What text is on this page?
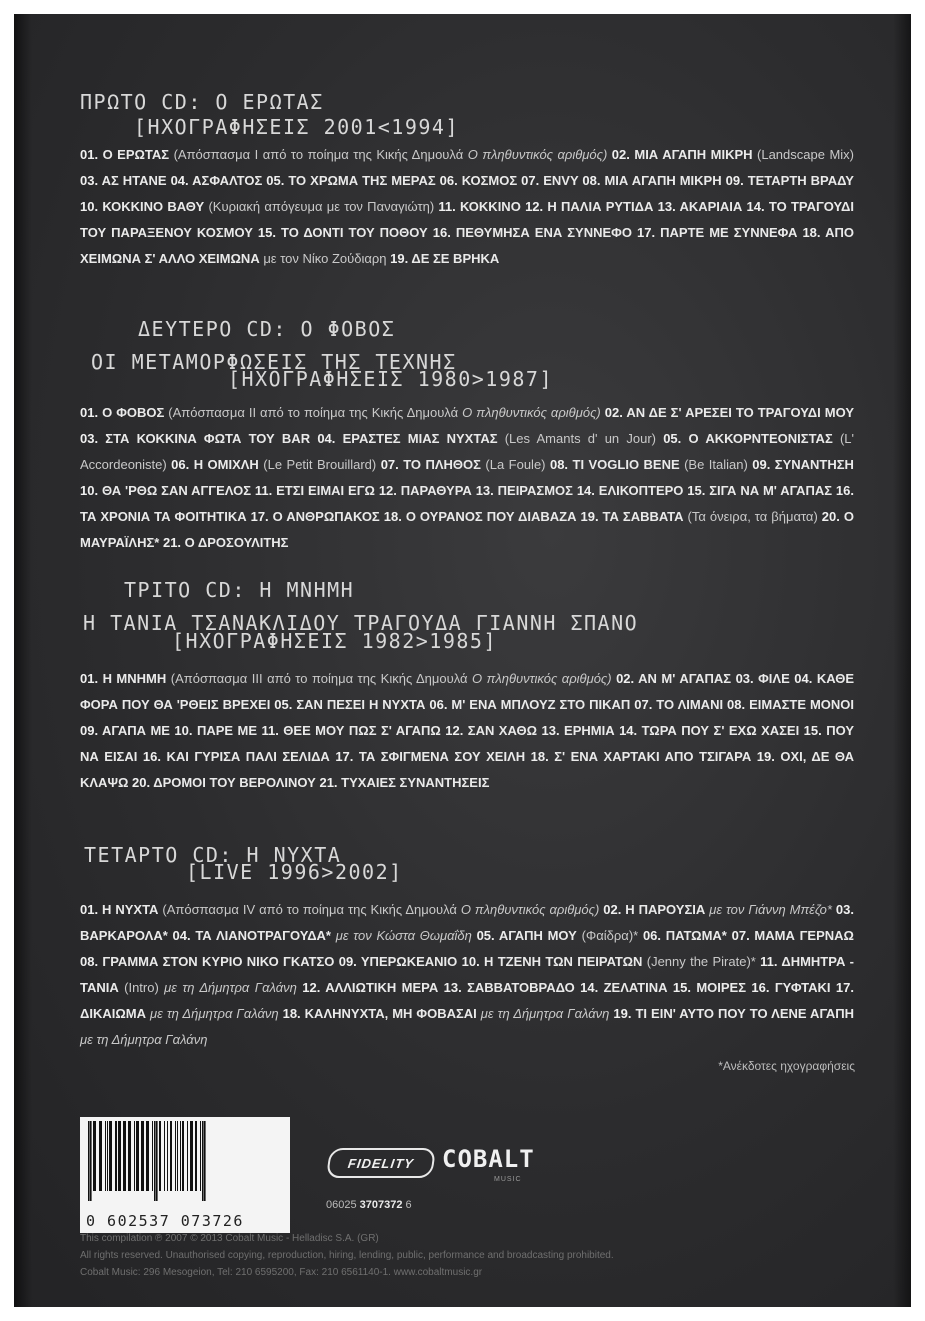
ΠΡΩΤΟ CD: Ο ΕΡΩΤΑΣ
[ΗΧΟΓΡΑΦΗΣΕΙΣ 2001<1994]
01. Ο ΕΡΩΤΑΣ (Απόσπασμα I από το ποίημα της Κικής Δημουλά Ο πληθυντικός αριθμός) 02. ΜΙΑ ΑΓΑΠΗ ΜΙΚΡΗ (Landscape Mix) 03. ΑΣ ΗΤΑΝΕ 04. ΑΣΦΑΛΤΟΣ 05. ΤΟ ΧΡΩΜΑ ΤΗΣ ΜΕΡΑΣ 06. ΚΟΣΜΟΣ 07. ENVY 08. ΜΙΑ ΑΓΑΠΗ ΜΙΚΡΗ 09. ΤΕΤΑΡΤΗ ΒΡΑΔΥ 10. ΚΟΚΚΙΝΟ ΒΑΘΥ (Κυριακή απόγευμα με τον Παναγιώτη) 11. ΚΟΚΚΙΝΟ 12. Η ΠΑΛΙΑ ΡΥΤΙΔΑ 13. ΑΚΑΡΙΑΙΑ 14. ΤΟ ΤΡΑΓΟΥΔΙ ΤΟΥ ΠΑΡΑΞΕΝΟΥ ΚΟΣΜΟΥ 15. ΤΟ ΔΟΝΤΙ ΤΟΥ ΠΟΘΟΥ 16. ΠΕΘΥΜΗΣΑ ΕΝΑ ΣΥΝΝΕΦΟ 17. ΠΑΡΤΕ ΜΕ ΣΥΝΝΕΦΑ 18. ΑΠΟ ΧΕΙΜΩΝΑ Σ' ΑΛΛΟ ΧΕΙΜΩΝΑ με τον Νίκο Ζούδιαρη 19. ΔΕ ΣΕ ΒΡΗΚΑ
ΔΕΥΤΕΡΟ CD: Ο ΦΟΒΟΣ
ΟΙ ΜΕΤΑΜΟΡΦΩΣΕΙΣ ΤΗΣ ΤΕΧΝΗΣ
[ΗΧΟΓΡΑΦΗΣΕΙΣ 1980>1987]
01. Ο ΦΟΒΟΣ (Απόσπασμα II από το ποίημα της Κικής Δημουλά Ο πληθυντικός αριθμός) 02. ΑΝ ΔΕ Σ' ΑΡΕΣΕΙ ΤΟ ΤΡΑΓΟΥΔΙ ΜΟΥ 03. ΣΤΑ ΚΟΚΚΙΝΑ ΦΩΤΑ ΤΟΥ BAR 04. ΕΡΑΣΤΕΣ ΜΙΑΣ ΝΥΧΤΑΣ (Les Amants d' un Jour) 05. Ο ΑΚΚΟΡΝΤΕΟΝΙΣΤΑΣ (L' Accordeoniste) 06. Η ΟΜΙΧΛΗ (Le Petit Brouillard) 07. ΤΟ ΠΛΗΘΟΣ (La Foule) 08. ΤΙ VOGLIO BENE (Be Italian) 09. ΣΥΝΑΝΤΗΣΗ 10. ΘΑ 'ΡΘΩ ΣΑΝ ΑΓΓΕΛΟΣ 11. ΕΤΣΙ ΕΙΜΑΙ ΕΓΩ 12. ΠΑΡΑΘΥΡΑ 13. ΠΕΙΡΑΣΜΟΣ 14. ΕΛΙΚΟΠΤΕΡΟ 15. ΣΙΓΑ ΝΑ Μ' ΑΓΑΠΑΣ 16. ΤΑ ΧΡΟΝΙΑ ΤΑ ΦΟΙΤΗΤΙΚΑ 17. Ο ΑΝΘΡΩΠΑΚΟΣ 18. Ο ΟΥΡΑΝΟΣ ΠΟΥ ΔΙΑΒΑΖΑ 19. ΤΑ ΣΑΒΒΑΤΑ (Τα όνειρα, τα βήματα) 20. Ο ΜΑΥΡΑΪΛΗΣ* 21. Ο ΔΡΟΣΟΥΛΙΤΗΣ
ΤΡΙΤΟ CD: Η ΜΝΗΜΗ
Η ΤΑΝΙΑ ΤΣΑΝΑΚΛΙΔΟΥ ΤΡΑΓΟΥΔΑ ΓΙΑΝΝΗ ΣΠΑΝΟ
[ΗΧΟΓΡΑΦΗΣΕΙΣ 1982>1985]
01. Η ΜΝΗΜΗ (Απόσπασμα III από το ποίημα της Κικής Δημουλά Ο πληθυντικός αριθμός) 02. ΑΝ Μ' ΑΓΑΠΑΣ 03. ΦΙΛΕ 04. ΚΑΘΕ ΦΟΡΑ ΠΟΥ ΘΑ 'ΡΘΕΙΣ ΒΡΕΧΕΙ 05. ΣΑΝ ΠΕΣΕΙ Η ΝΥΧΤΑ 06. Μ' ΕΝΑ ΜΠΛΟΥΖ ΣΤΟ ΠΙΚΑΠ 07. ΤΟ ΛΙΜΑΝΙ 08. ΕΙΜΑΣΤΕ ΜΟΝΟΙ 09. ΑΓΑΠΑ ΜΕ 10. ΠΑΡΕ ΜΕ 11. ΘΕΕ ΜΟΥ ΠΩΣ Σ' ΑΓΑΠΩ 12. ΣΑΝ ΧΑΘΩ 13. ΕΡΗΜΙΑ 14. ΤΩΡΑ ΠΟΥ Σ' ΕΧΩ ΧΑΣΕΙ 15. ΠΟΥ ΝΑ ΕΙΣΑΙ 16. ΚΑΙ ΓΥΡΙΣΑ ΠΑΛΙ ΣΕΛΙΔΑ 17. ΤΑ ΣΦΙΓΜΕΝΑ ΣΟΥ ΧΕΙΛΗ 18. Σ' ΕΝΑ ΧΑΡΤΑΚΙ ΑΠΟ ΤΣΙΓΑΡΑ 19. ΟΧΙ, ΔΕ ΘΑ ΚΛΑΨΩ 20. ΔΡΟΜΟΙ ΤΟΥ ΒΕΡΟΛΙΝΟΥ 21. ΤΥΧΑΙΕΣ ΣΥΝΑΝΤΗΣΕΙΣ
ΤΕΤΑΡΤΟ CD: Η ΝΥΧΤΑ
[LIVE 1996>2002]
01. Η ΝΥΧΤΑ (Απόσπασμα IV από το ποίημα της Κικής Δημουλά Ο πληθυντικός αριθμός) 02. Η ΠΑΡΟΥΣΙΑ με τον Γιάννη Μπέζο* 03. ΒΑΡΚΑΡΟΛΑ* 04. ΤΑ ΛΙΑΝΟΤΡΑΓΟΥΔΑ* με τον Κώστα Θωμαΐδη 05. ΑΓΑΠΗ ΜΟΥ (Φαίδρα)* 06. ΠΑΤΩΜΑ* 07. ΜΑΜΑ ΓΕΡΝΑΩ 08. ΓΡΑΜΜΑ ΣΤΟΝ ΚΥΡΙΟ ΝΙΚΟ ΓΚΑΤΣΟ 09. ΥΠΕΡΩΚΕΑΝΙΟ 10. Η ΤΖΕΝΗ ΤΩΝ ΠΕΙΡΑΤΩΝ (Jenny the Pirate)* 11. ΔΗΜΗΤΡΑ - ΤΑΝΙΑ (Intro) με τη Δήμητρα Γαλάνη 12. ΑΛΛΙΩΤΙΚΗ ΜΕΡΑ 13. ΣΑΒΒΑΤΟΒΡΑΔΟ 14. ΖΕΛΑΤΙΝΑ 15. ΜΟΙΡΕΣ 16. ΓΥΦΤΑΚΙ 17. ΔΙΚΑΙΩΜΑ με τη Δήμητρα Γαλάνη 18. ΚΑΛΗΝΥΧΤΑ, ΜΗ ΦΟΒΑΣΑΙ με τη Δήμητρα Γαλάνη 19. ΤΙ ΕΙΝ' ΑΥΤΟ ΠΟΥ ΤΟ ΛΕΝΕ ΑΓΑΠΗ με τη Δήμητρα Γαλάνη
*Ανέκδοτες ηχογραφήσεις
0 602537 073726
FIDELITY	COBALT
MUSIC
06025 3707372 6
This compilation ℗ 2007 © 2013 Cobalt Music - Helladisc S.A. (GR)
All rights reserved. Unauthorised copying, reproduction, hiring, lending, public, performance and broadcasting prohibited.
Cobalt Music: 296 Mesogeion, Tel: 210 6595200, Fax: 210 6561140-1. www.cobaltmusic.gr
